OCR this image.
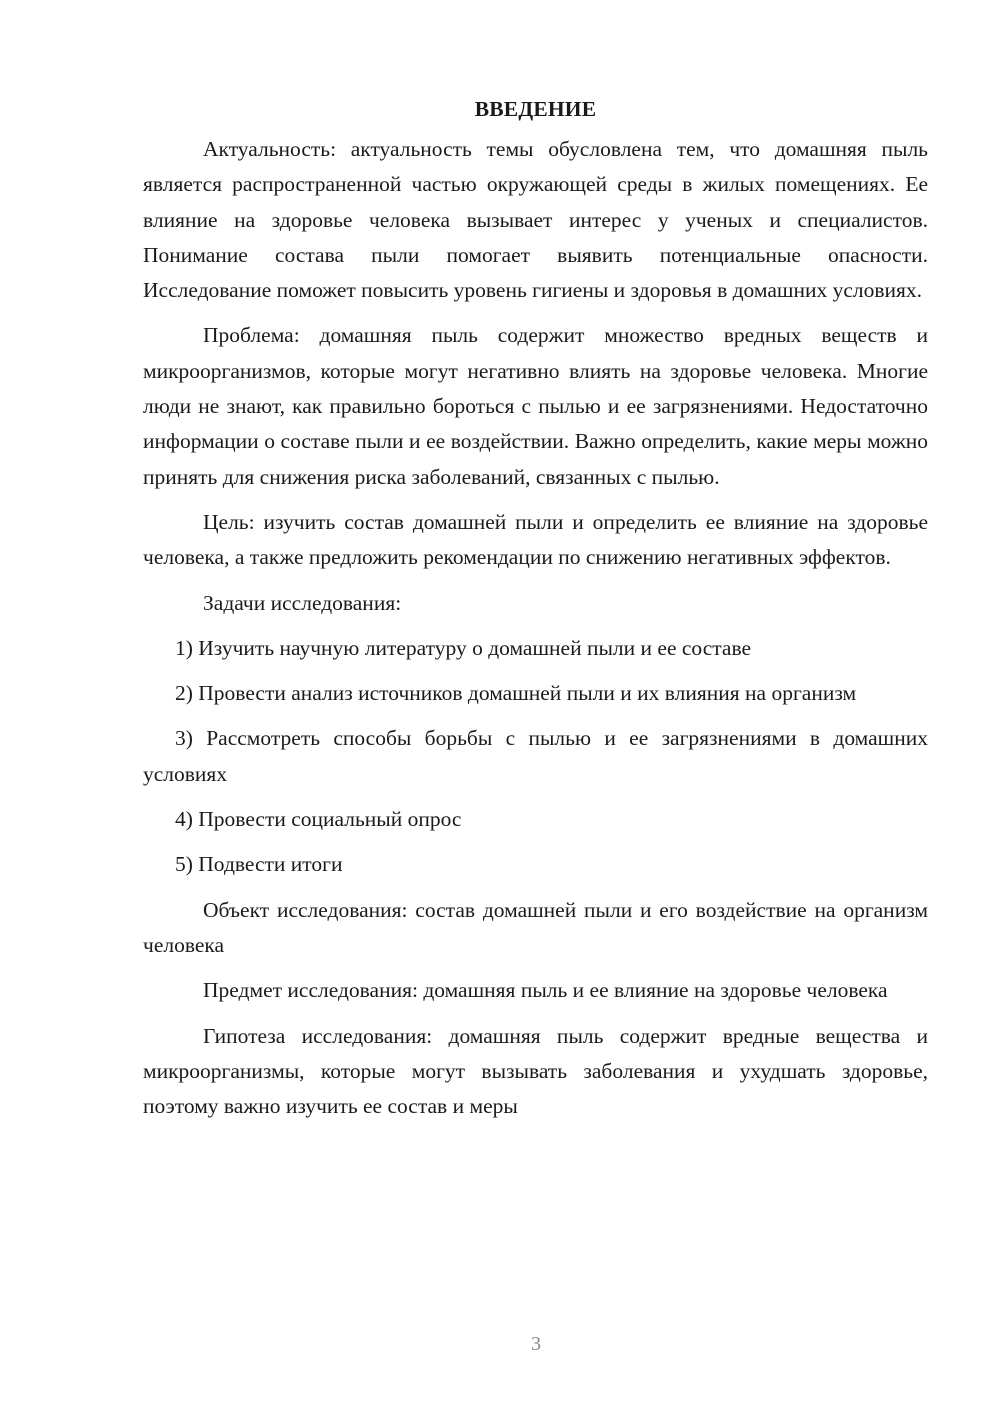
ВВЕДЕНИЕ

Актуальность: актуальность темы обусловлена тем, что домашняя пыль является распространенной частью окружающей среды в жилых помещениях. Ее влияние на здоровье человека вызывает интерес у ученых и специалистов. Понимание состава пыли помогает выявить потенциальные опасности. Исследование поможет повысить уровень гигиены и здоровья в домашних условиях.

Проблема: домашняя пыль содержит множество вредных веществ и микроорганизмов, которые могут негативно влиять на здоровье человека. Многие люди не знают, как правильно бороться с пылью и ее загрязнениями. Недостаточно информации о составе пыли и ее воздействии. Важно определить, какие меры можно принять для снижения риска заболеваний, связанных с пылью.

Цель: изучить состав домашней пыли и определить ее влияние на здоровье человека, а также предложить рекомендации по снижению негативных эффектов.

Задачи исследования:

1) Изучить научную литературу о домашней пыли и ее составе

2) Провести анализ источников домашней пыли и их влияния на организм

3) Рассмотреть способы борьбы с пылью и ее загрязнениями в домашних условиях

4) Провести социальный опрос

5) Подвести итоги

Объект исследования: состав домашней пыли и его воздействие на организм человека

Предмет исследования: домашняя пыль и ее влияние на здоровье человека

Гипотеза исследования: домашняя пыль содержит вредные вещества и микроорганизмы, которые могут вызывать заболевания и ухудшать здоровье, поэтому важно изучить ее состав и меры

3
